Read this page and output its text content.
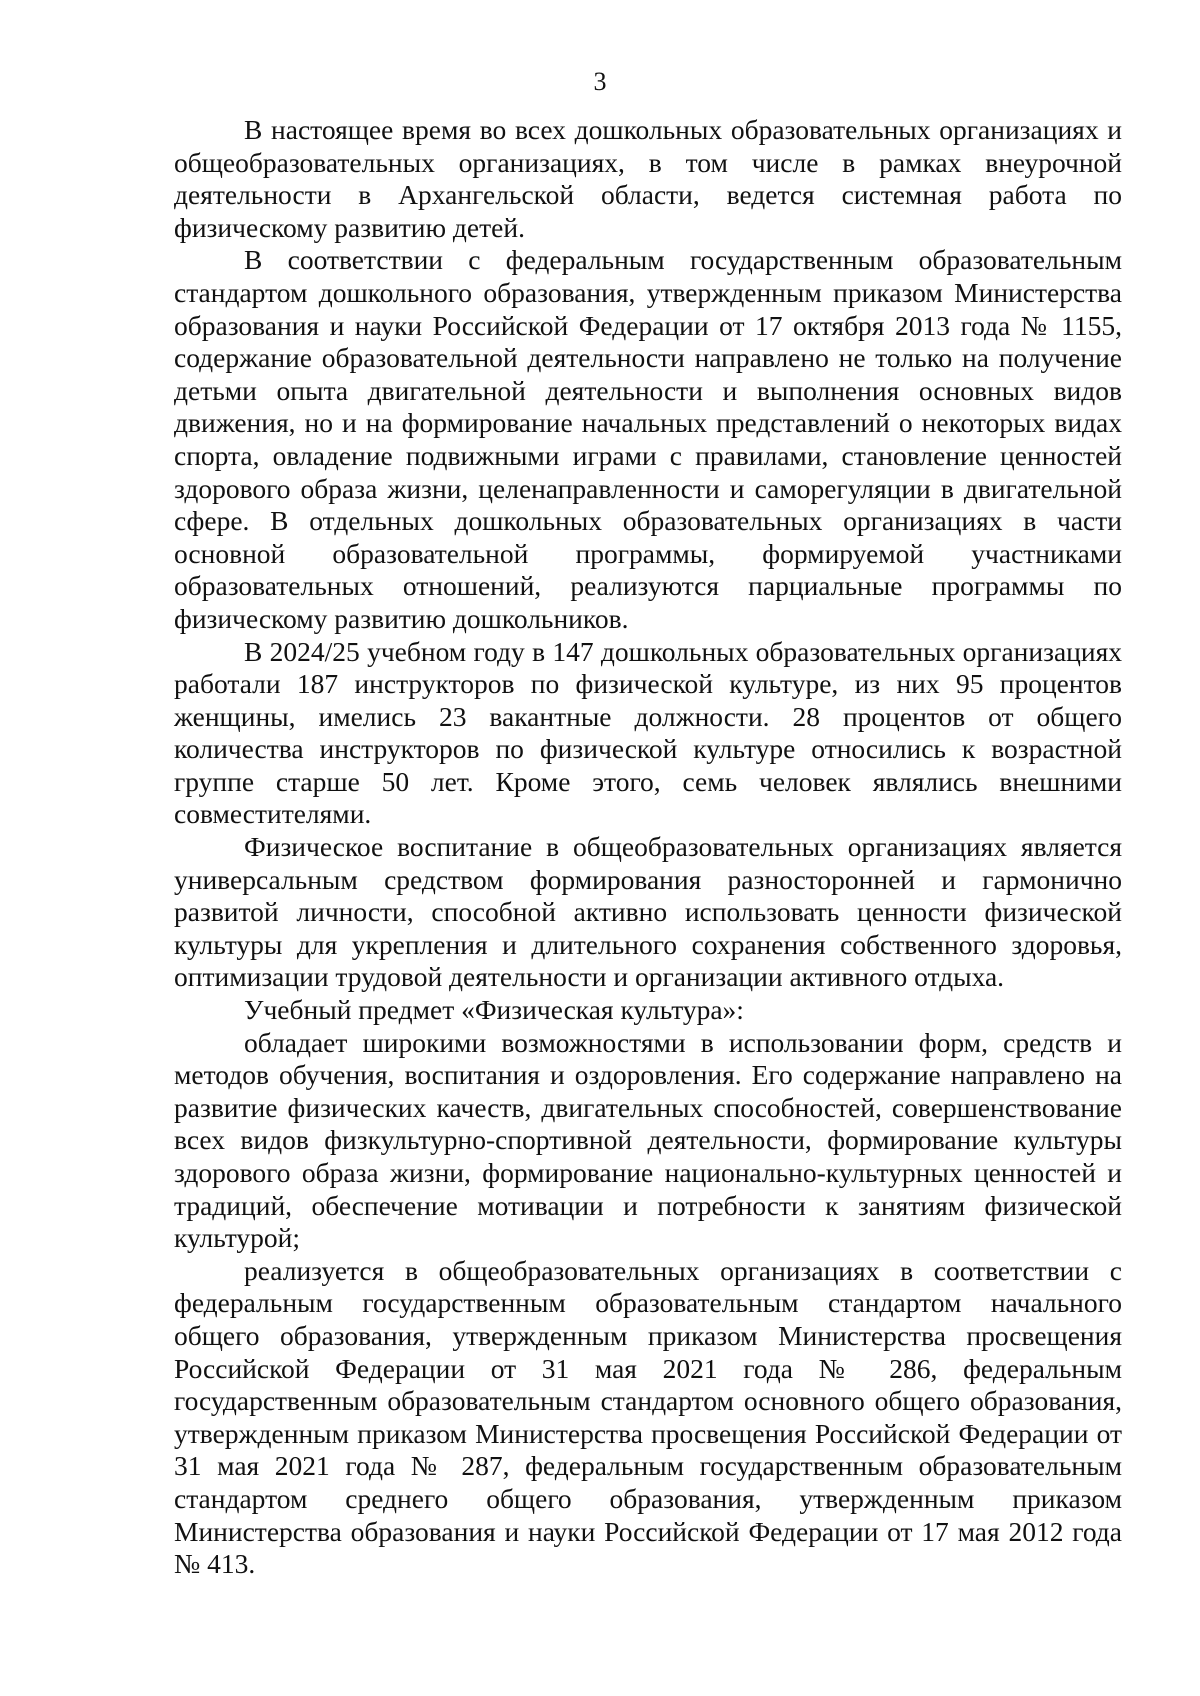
3

В настоящее время во всех дошкольных образовательных организациях и общеобразовательных организациях, в том числе в рамках внеурочной деятельности в Архангельской области, ведется системная работа по физическому развитию детей.

В соответствии с федеральным государственным образовательным стандартом дошкольного образования, утвержденным приказом Министерства образования и науки Российской Федерации от 17 октября 2013 года № 1155, содержание образовательной деятельности направлено не только на получение детьми опыта двигательной деятельности и выполнения основных видов движения, но и на формирование начальных представлений о некоторых видах спорта, овладение подвижными играми с правилами, становление ценностей здорового образа жизни, целенаправленности и саморегуляции в двигательной сфере. В отдельных дошкольных образовательных организациях в части основной образовательной программы, формируемой участниками образовательных отношений, реализуются парциальные программы по физическому развитию дошкольников.

В 2024/25 учебном году в 147 дошкольных образовательных организациях работали 187 инструкторов по физической культуре, из них 95 процентов женщины, имелись 23 вакантные должности. 28 процентов от общего количества инструкторов по физической культуре относились к возрастной группе старше 50 лет. Кроме этого, семь человек являлись внешними совместителями.

Физическое воспитание в общеобразовательных организациях является универсальным средством формирования разносторонней и гармонично развитой личности, способной активно использовать ценности физической культуры для укрепления и длительного сохранения собственного здоровья, оптимизации трудовой деятельности и организации активного отдыха.

Учебный предмет «Физическая культура»:

обладает широкими возможностями в использовании форм, средств и методов обучения, воспитания и оздоровления. Его содержание направлено на развитие физических качеств, двигательных способностей, совершенствование всех видов физкультурно-спортивной деятельности, формирование культуры здорового образа жизни, формирование национально-культурных ценностей и традиций, обеспечение мотивации и потребности к занятиям физической культурой;

реализуется в общеобразовательных организациях в соответствии с федеральным государственным образовательным стандартом начального общего образования, утвержденным приказом Министерства просвещения Российской Федерации от 31 мая 2021 года № 286, федеральным государственным образовательным стандартом основного общего образования, утвержденным приказом Министерства просвещения Российской Федерации от 31 мая 2021 года № 287, федеральным государственным образовательным стандартом среднего общего образования, утвержденным приказом Министерства образования и науки Российской Федерации от 17 мая 2012 года № 413.
